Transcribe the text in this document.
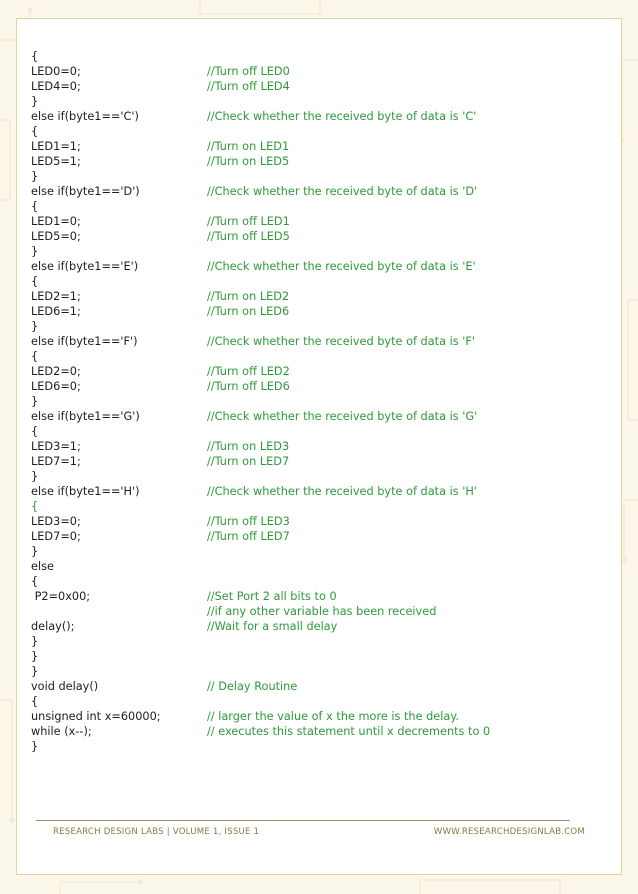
{
LED0=0;	//Turn off LED0
LED4=0;	//Turn off LED4
}
else if(byte1=='C')	//Check whether the received byte of data is 'C'
{
LED1=1;	//Turn on LED1
LED5=1;	//Turn on LED5
}
else if(byte1=='D')	//Check whether the received byte of data is 'D'
{
LED1=0;	//Turn off LED1
LED5=0;	//Turn off LED5
}
else if(byte1=='E')	//Check whether the received byte of data is 'E'
{
LED2=1;	//Turn on LED2
LED6=1;	//Turn on LED6
}
else if(byte1=='F')	//Check whether the received byte of data is 'F'
{
LED2=0;	//Turn off LED2
LED6=0;	//Turn off LED6
}
else if(byte1=='G')	//Check whether the received byte of data is 'G'
{
LED3=1;	//Turn on LED3
LED7=1;	//Turn on LED7
}
else if(byte1=='H')	//Check whether the received byte of data is 'H'
{
LED3=0;	//Turn off LED3
LED7=0;	//Turn off LED7
}
else
{
P2=0x00;	//Set Port 2 all bits to 0
//if any other variable has been received
delay();	//Wait for a small delay
}
}
}
void delay()	// Delay Routine
{
unsigned int x=60000;	// larger the value of x the more is the delay.
while (x--);	// executes this statement until x decrements to 0
}
RESEARCH DESIGN LABS | VOLUME 1, ISSUE 1	WWW.RESEARCHDESIGNLAB.COM
